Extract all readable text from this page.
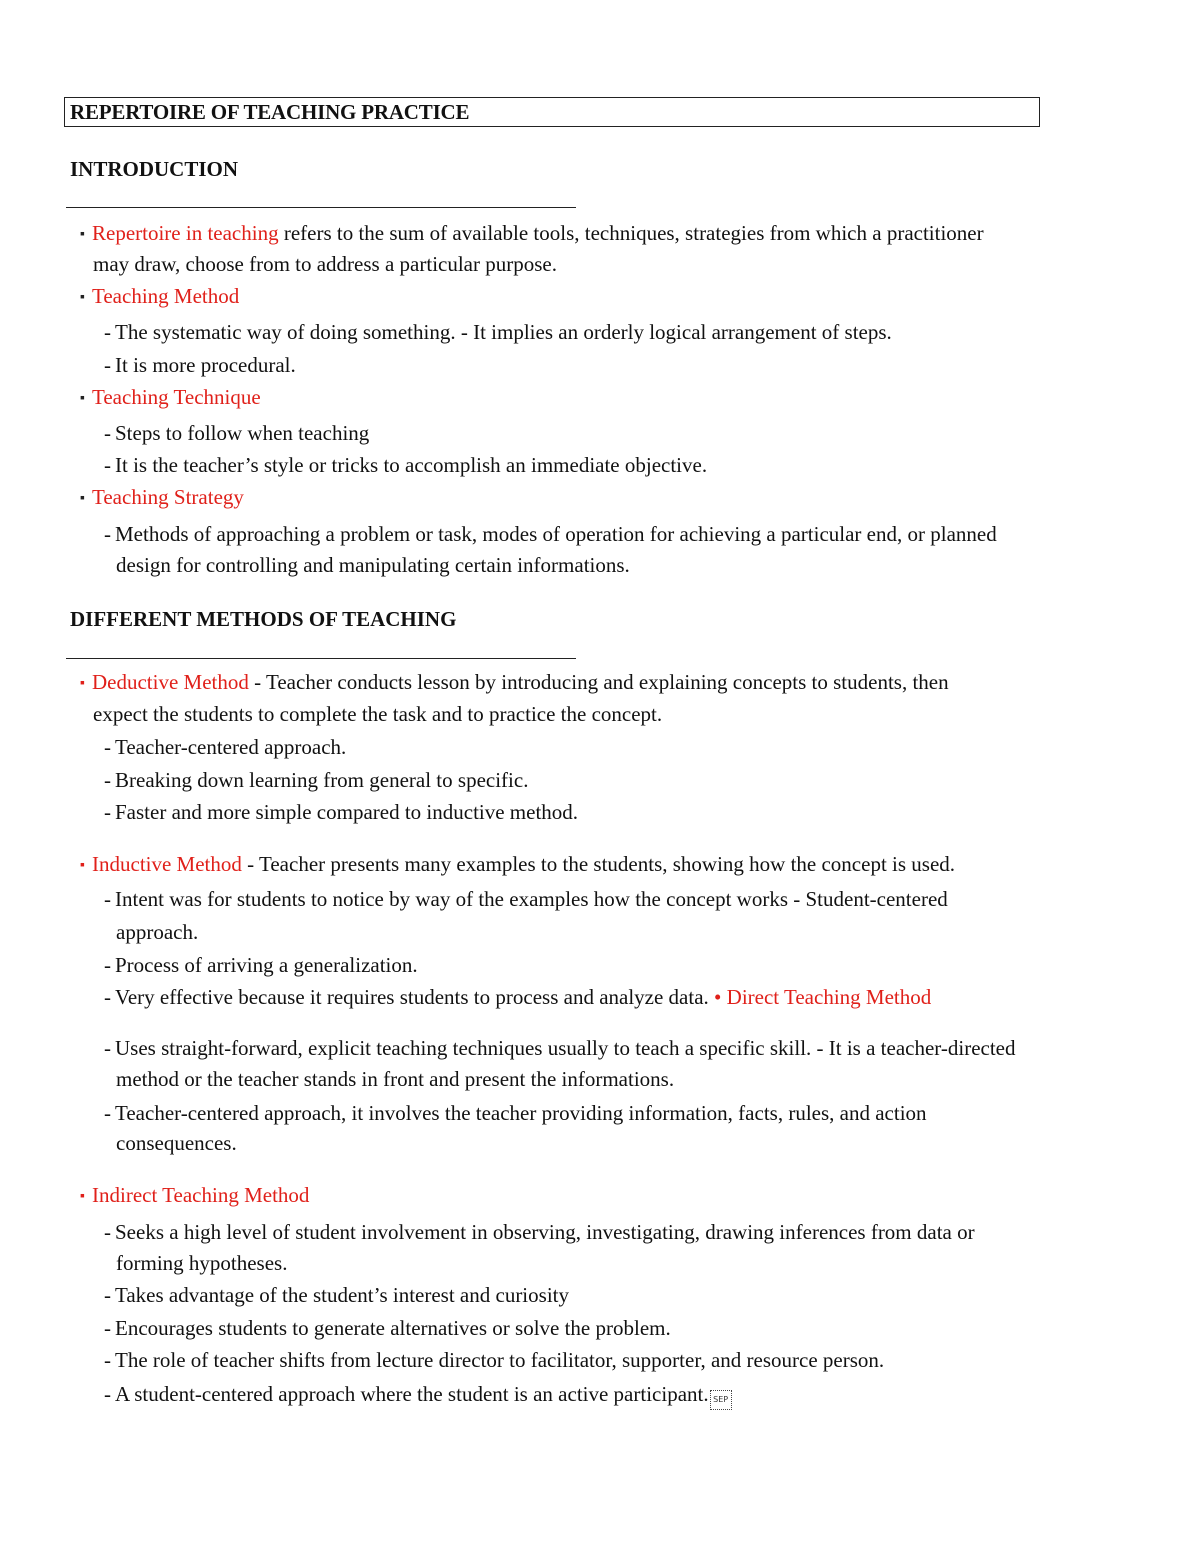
REPERTOIRE OF TEACHING PRACTICE
INTRODUCTION
▪ Repertoire in teaching refers to the sum of available tools, techniques, strategies from which a practitioner
may draw, choose from to address a particular purpose.
▪ Teaching Method
- The systematic way of doing something. - It implies an orderly logical arrangement of steps.
- It is more procedural.
▪ Teaching Technique
- Steps to follow when teaching
- It is the teacher’s style or tricks to accomplish an immediate objective.
▪ Teaching Strategy
- Methods of approaching a problem or task, modes of operation for achieving a particular end, or planned
design for controlling and manipulating certain informations.
DIFFERENT METHODS OF TEACHING
▪ Deductive Method - Teacher conducts lesson by introducing and explaining concepts to students, then
expect the students to complete the task and to practice the concept.
- Teacher-centered approach.
- Breaking down learning from general to specific.
- Faster and more simple compared to inductive method.
▪ Inductive Method - Teacher presents many examples to the students, showing how the concept is used.
- Intent was for students to notice by way of the examples how the concept works - Student-centered
approach.
- Process of arriving a generalization.
- Very effective because it requires students to process and analyze data. • Direct Teaching Method
- Uses straight-forward, explicit teaching techniques usually to teach a specific skill. - It is a teacher-directed
method or the teacher stands in front and present the informations.
- Teacher-centered approach, it involves the teacher providing information, facts, rules, and action
consequences.
▪ Indirect Teaching Method
- Seeks a high level of student involvement in observing, investigating, drawing inferences from data or
forming hypotheses.
- Takes advantage of the student’s interest and curiosity
- Encourages students to generate alternatives or solve the problem.
- The role of teacher shifts from lecture director to facilitator, supporter, and resource person.
- A student-centered approach where the student is an active participant. SEP
